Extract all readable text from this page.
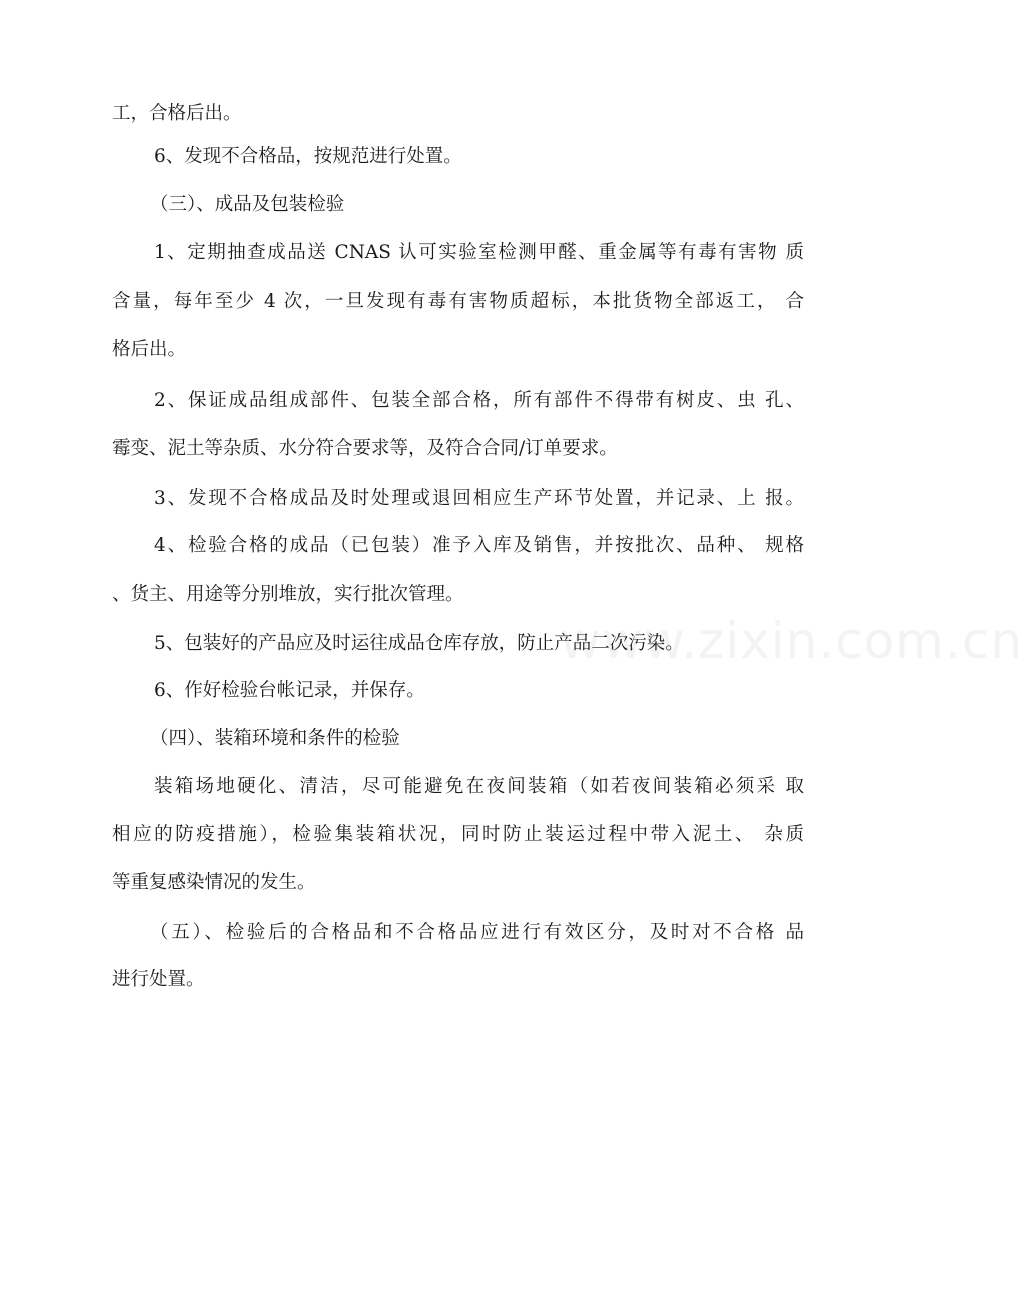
工，合格后出。

6、发现不合格品，按规范进行处置。

（三）、成品及包装检验

1、定期抽查成品送 CNAS 认可实验室检测甲醛、重金属等有毒有害物 质

含量，每年至少 4 次，一旦发现有毒有害物质超标，本批货物全部返工， 合

格后出。

2、保证成品组成部件、包装全部合格，所有部件不得带有树皮、虫 孔、

霉变、泥土等杂质、水分符合要求等，及符合合同/订单要求。

3、发现不合格成品及时处理或退回相应生产环节处置，并记录、上 报。

4、检验合格的成品（已包装）准予入库及销售，并按批次、品种、 规格

、货主、用途等分别堆放，实行批次管理。

5、包装好的产品应及时运往成品仓库存放，防止产品二次污染。

6、作好检验台帐记录，并保存。

（四）、装箱环境和条件的检验

装箱场地硬化、清洁，尽可能避免在夜间装箱（如若夜间装箱必须采 取

相应的防疫措施），检验集装箱状况，同时防止装运过程中带入泥土、 杂质

等重复感染情况的发生。

（五）、检验后的合格品和不合格品应进行有效区分，及时对不合格 品

进行处置。

www.zixin.com.cn
